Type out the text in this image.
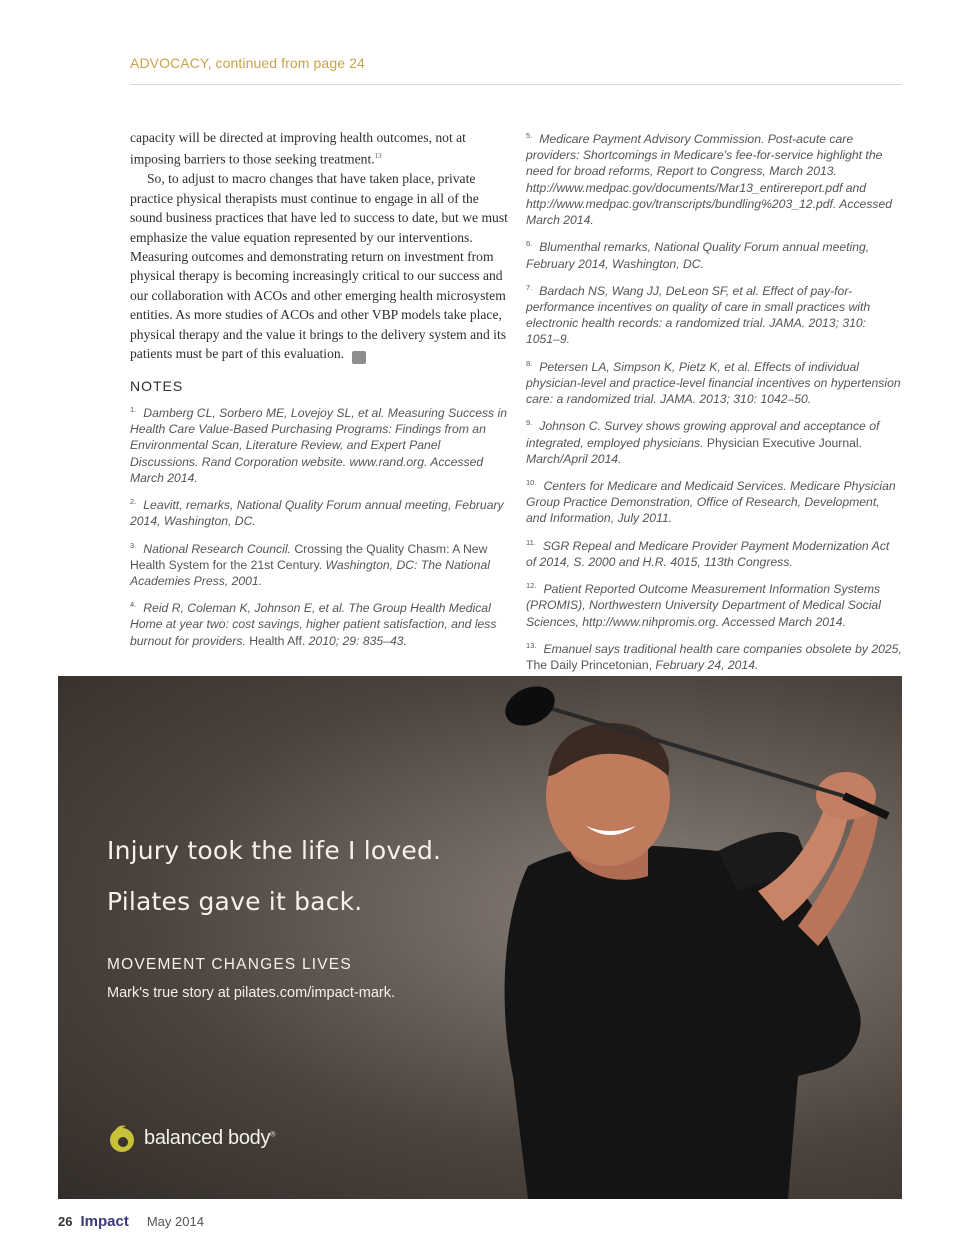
ADVOCACY, continued from page 24

capacity will be directed at improving health outcomes, not at imposing barriers to those seeking treatment.$^{13}$

So, to adjust to macro changes that have taken place, private practice physical therapists must continue to engage in all of the sound business practices that have led to success to date, but we must emphasize the value equation represented by our interventions. Measuring outcomes and demonstrating return on investment from physical therapy is becoming increasingly critical to our success and our collaboration with ACOs and other emerging health microsystem entities. As more studies of ACOs and other VBP models take place, physical therapy and the value it brings to the delivery system and its patients must be part of this evaluation.	I

NOTES

$^{1.}$ Damberg CL, Sorbero ME, Lovejoy SL, et al. Measuring Success in Health Care Value-Based Purchasing Programs: Findings from an Environmental Scan, Literature Review, and Expert Panel Discussions. Rand Corporation website. www.rand.org. Accessed March 2014.

$^{2.}$ Leavitt, remarks, National Quality Forum annual meeting, February 2014, Washington, DC.

$^{3.}$ National Research Council. Crossing the Quality Chasm: A New Health System for the 21st Century. Washington, DC: The National Academies Press, 2001.

$^{4.}$ Reid R, Coleman K, Johnson E, et al. The Group Health Medical Home at year two: cost savings, higher patient satisfaction, and less burnout for providers. Health Aff. 2010; 29: 835–43.

$^{5.}$ Medicare Payment Advisory Commission. Post-acute care providers: Shortcomings in Medicare's fee-for-service highlight the need for broad reforms, Report to Congress, March 2013. http://www.medpac.gov/documents/Mar13_entirereport.pdf and http://www.medpac.gov/transcripts/bundling%203_12.pdf. Accessed March 2014.

$^{6.}$ Blumenthal remarks, National Quality Forum annual meeting, February 2014, Washington, DC.

$^{7.}$ Bardach NS, Wang JJ, DeLeon SF, et al. Effect of pay-for-performance incentives on quality of care in small practices with electronic health records: a randomized trial. JAMA. 2013; 310: 1051–9.

$^{8.}$ Petersen LA, Simpson K, Pietz K, et al. Effects of individual physician-level and practice-level financial incentives on hypertension care: a randomized trial. JAMA. 2013; 310: 1042–50.

$^{9.}$ Johnson C. Survey shows growing approval and acceptance of integrated, employed physicians. Physician Executive Journal. March/April 2014.

$^{10.}$ Centers for Medicare and Medicaid Services. Medicare Physician Group Practice Demonstration, Office of Research, Development, and Information, July 2011.

$^{11.}$ SGR Repeal and Medicare Provider Payment Modernization Act of 2014, S. 2000 and H.R. 4015, 113th Congress.

$^{12.}$ Patient Reported Outcome Measurement Information Systems (PROMIS), Northwestern University Department of Medical Social Sciences, http://www.nihpromis.org. Accessed March 2014.

$^{13.}$ Emanuel says traditional health care companies obsolete by 2025, The Daily Princetonian, February 24, 2014.

Injury took the life I loved.
Pilates gave it back.
MOVEMENT CHANGES LIVES
Mark's true story at pilates.com/impact-mark.
balanced body®
26 Impact May 2014
